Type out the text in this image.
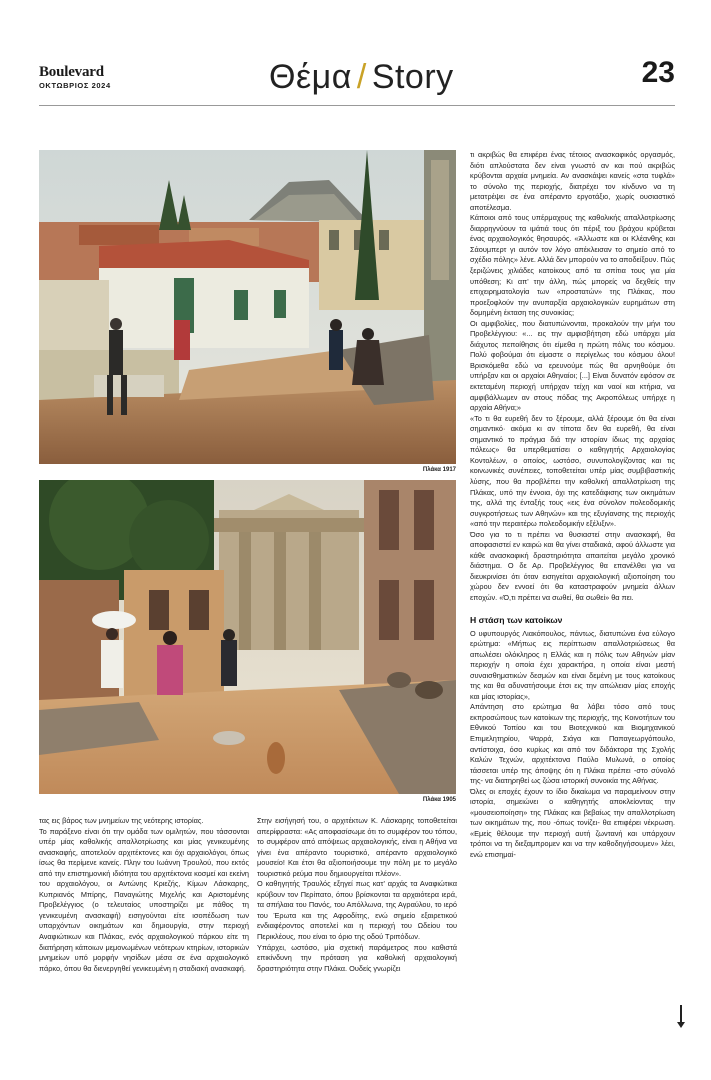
Boulevard
ΟΚΤΩΒΡΙΟΣ 2024	Θέμα / Story	23
Πλάκα 1917
Πλάκα 1905

τας εις βάρος των μνημείων της νεότερης ιστορίας.

Το παράξενο είναι ότι την ομάδα των ομιλητών, που τάσσονται υπέρ μίας καθολικής απαλλοτρίωσης και μίας γενικευμένης ανασκαφής, αποτελούν αρχιτέκτονες και όχι αρχαιολόγοι, όπως ίσως θα περίμενε κανείς. Πλην του Ιωάννη Τρουλού, που εκτός από την επιστημονική ιδιότητα του αρχιτέκτονα κοσμεί και εκείνη του αρχαιολόγου, οι Αντώνης Κριεζής, Κίμων Λάσκαρης, Κυπριανός Μπίρης, Παναγιώτης Μιχελής και Αριστομένης Προβελέγγιος (ο τελευταίος υποστηρίζει με πάθος τη γενικευμένη ανασκαφή) εισηγούνται είτε ισοπέδωση των υπαρχόντων οικημάτων και δημιουργία, στην περιοχή Αναφιώτικων και Πλάκας, ενός αρχαιολογικού πάρκου είτε τη διατήρηση κάποιων μεμονωμένων νεότερων κτηρίων, ιστορικών μνημείων υπό μορφήν νησίδων μέσα σε ένα αρχαιολογικό πάρκο, όπου θα διενεργηθεί γενικευμένη η σταδιακή ανασκαφή.

Στην εισήγησή του, ο αρχιτέκτων Κ. Λάσκαρης τοποθετείται απερίφραστα: «Ας αποφασίσωμε ότι το συμφέρον του τόπου, το συμφέρον από απόψεως αρχαιολογικής, είναι η Αθήνα να γίνει ένα απέραντο τουριστικό, απέραντο αρχαιολογικό μουσείο! Και έτσι θα αξιοποιήσουμε την πόλη με το μεγάλο τουριστικό ρεύμα που δημιουργείται πλέον».

Ο καθηγητής Τραυλός εξηγεί πως κατ' αρχάς τα Αναφιώτικα κρύβουν τον Περίπατο, όπου βρίσκονται τα αρχαιότερα ιερά, τα σπήλαια του Πανός, του Απόλλωνα, της Αγραύλου, το ιερό του Έρωτα και της Αφροδίτης, ενώ σημείο εξαιρετικού ενδιαφέροντος αποτελεί και η περιοχή του Ωδείου του Περικλέους, που είναι το όριο της οδού Τριπόδων.

Υπάρχει, ωστόσο, μία σχετική παράμετρος που καθιστά επικίνδυνη την πρόταση για καθολική αρχαιολογική δραστηριότητα στην Πλάκα. Ουδείς γνωρίζει

τι ακριβώς θα επιφέρει ένας τέτοιος ανασκαφικός οργασμός, διότι απλούστατα δεν είναι γνωστό αν και πού ακριβώς κρύβονται αρχαία μνημεία. Αν ανασκάψει κανείς «στα τυφλά» το σύνολο της περιοχής, διατρέχει τον κίνδυνο να τη μετατρέψει σε ένα απέραντο εργοτάξιο, χωρίς ουσιαστικό αποτέλεσμα.

Κάποιοι από τους υπέρμαχους της καθολικής απαλλοτρίωσης διαρρηγνύουν τα ιμάτιά τους ότι πέριξ του βράχου κρύβεται ένας αρχαιολογικός θησαυρός. «Άλλωστε και οι Κλέανθης και Σάουμπερτ γι αυτόν τον λόγο απέκλεισαν το σημείο από το σχέδιο πόλης» λένε. Αλλά δεν μπορούν να το αποδείξουν. Πώς ξεριζώνεις χιλιάδες κατοίκους από τα σπίτια τους για μία υπόθεση; Κι απ' την άλλη, πώς μπορείς να δεχθείς την επιχειρηματολογία των «προστατών» της Πλάκας, που προεξοφλούν την ανυπαρξία αρχαιολογικών ευρημάτων στη δομημένη έκταση της συνοικίας;

Οι αμφιβολίες, που διατυπώνονται, προκαλούν την μήνι του Προβελέγγιου: «... εις την αμφισβήτηση εδώ υπάρχει μία διάχυτος πεποίθησις ότι είμεθα η πρώτη πόλις του κόσμου. Πολύ φοβούμαι ότι είμαστε ο περίγελως του κόσμου όλου! Βρισκόμεθα εδώ να ερευνούμε πώς θα αρνηθούμε ότι υπήρξαν και οι αρχαίοι Αθηναίοι; [...] Είναι δυνατόν εφόσον σε εκτεταμένη περιοχή υπήρχαν τείχη και ναοί και κτήρια, να αμφιβάλλωμεν αν στους πόδας της Ακροπόλεως υπήρχε η αρχαία Αθήνα;»

«Το τι θα ευρεθή δεν το ξέρουμε, αλλά ξέρουμε ότι θα είναι σημαντικό· ακόμα κι αν τίποτα δεν θα ευρεθή, θα είναι σημαντικό το πράγμα διά την ιστορίαν ίδιως της αρχαίας πόλεως» θα υπερθεματίσει ο καθηγητής Αρχαιολογίας Κοντολέων, ο οποίος, ωστόσο, συνυπολογίζοντας και τις κοινωνικές συνέπειες, τοποθετείται υπέρ μίας συμβιβαστικής λύσης, που θα προβλέπει την καθολική απαλλοτρίωση της Πλάκας, υπό την έννοια, όχι της κατεδάφισης των οικημάτων της, αλλά της ένταξής τους «εις ένα σύνολον πολεοδομικής συγκροτήσεως των Αθηνών» και της εξυγίανσης της περιοχής «από την περαιτέρω πολεοδομικήν εξέλιξιν».

Όσο για το τι πρέπει να θυσιαστεί στην ανασκαφή, θα αποφασιστεί εν καιρώ και θα γίνει σταδιακά, αφού άλλωστε για κάθε ανασκαφική δραστηριότητα απαιτείται μεγάλο χρονικό διάστημα. Ο δε Αρ. Προβελέγγιος θα επανέλθει για να διευκρινίσει ότι όταν εισηγείται αρχαιολογική αξιοποίηση του χώρου δεν εννοεί ότι θα καταστραφούν μνημεία άλλων εποχών. «Ό,τι πρέπει να σωθεί, θα σωθεί» θα πει.

Η στάση των κατοίκων

Ο υφυπουργός Λιακόπουλος, πάντως, διατυπώνει ένα εύλογο ερώτημα: «Μήπως εις περίπτωσιν απαλλοτριώσεως θα απωλέσει ολόκληρος η Ελλάς και η πόλις των Αθηνών μίαν περιοχήν η οποία έχει χαρακτήρα, η οποία είναι μεστή συναισθηματικών δεσμών και είναι δεμένη με τους κατοίκους της και θα αδυνατήσουμε έτσι εις την απώλειαν μίας εποχής και μίας ιστορίας»,

Απάντηση στο ερώτημα θα λάβει τόσο από τους εκπροσώπους των κατοίκων της περιοχής, της Κοινοτήτων του Εθνικού Τοπίου και του Βιοτεχνικού και Βιομηχανικού Επιμελητηρίου, Ψαρρά, Σιάγα και Παπαγεωργόπουλο, αντίστοιχα, όσο κυρίως και από τον διδάκτορα της Σχολής Καλών Τεχνών, αρχιτέκτονα Παύλο Μυλωνά, ο οποίος τάσσεται υπέρ της άποψης ότι η Πλάκα πρέπει -στο σύνολό της- να διατηρηθεί ως ζώσα ιστορική συνοικία της Αθήνας.

Όλες οι εποχές έχουν το ίδιο δικαίωμα να παραμείνουν στην ιστορία, σημειώνει ο καθηγητής αποκλείοντας την «μουσειοποίηση» της Πλάκας και βεβαίως την απαλλοτρίωση των οικημάτων της, που -όπως τονίζει- θα επιφέρει νέκρωση. «Εμείς θέλουμε την περιοχή αυτή ζωντανή και υπάρχουν τρόποι να τη διεξαμπρομεν και να την καθοδηγήσουμεν» λέει, ενώ επισημαί-
